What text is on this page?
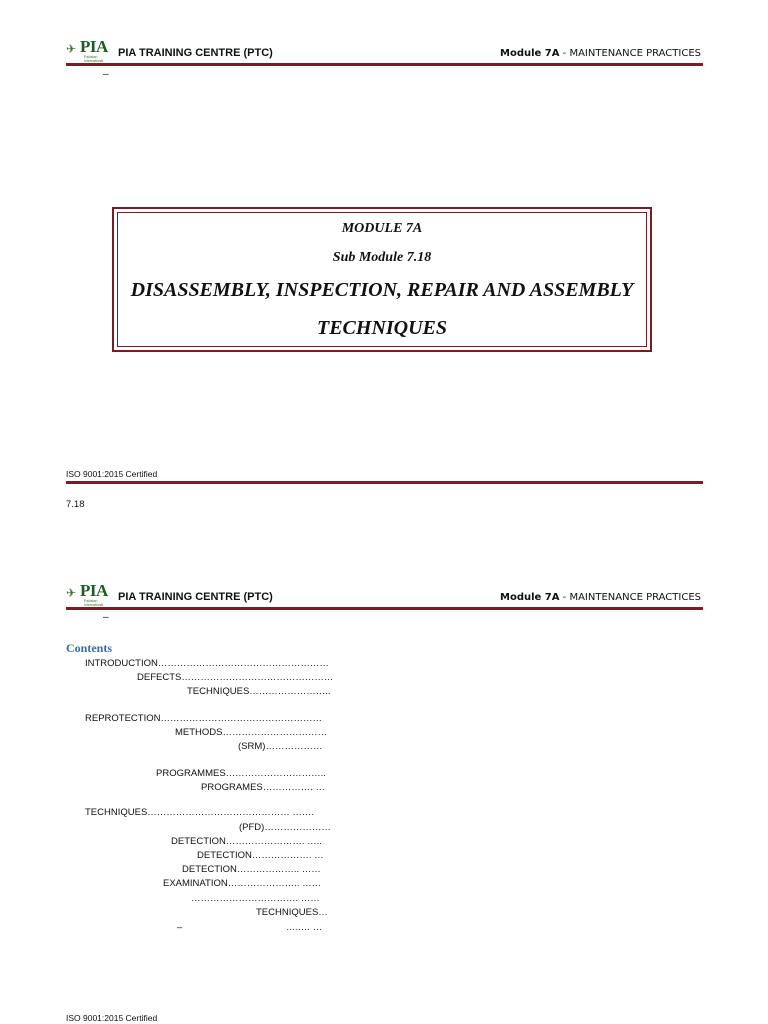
✈ PIA
Pakistan International
PIA TRAINING CENTRE (PTC)	Module 7A - MAINTENANCE PRACTICES
–
MODULE 7A
Sub Module 7.18
DISASSEMBLY, INSPECTION, REPAIR AND ASSEMBLY
TECHNIQUES
ISO 9001:2015 Certified
7.18
✈ PIA
Pakistan International
PIA TRAINING CENTRE (PTC)	Module 7A - MAINTENANCE PRACTICES
–
Contents
INTRODUCTION………………………………………………
DEFECTS…………………………………………
TECHNIQUES……………………..
REPROTECTION……………………………………………
METHODS……………………………
(SRM)………………
PROGRAMMES…………………………..
PROGRAMES……………. …
TECHNIQUES……………………………………… …….
(PFD)…………………
DETECTION……………………. …..
DETECTION………………. …
DETECTION……………….. ……
EXAMINATION………………….. ……
……………………………. ……
TECHNIQUES…
–	…..… …
ISO 9001:2015 Certified
